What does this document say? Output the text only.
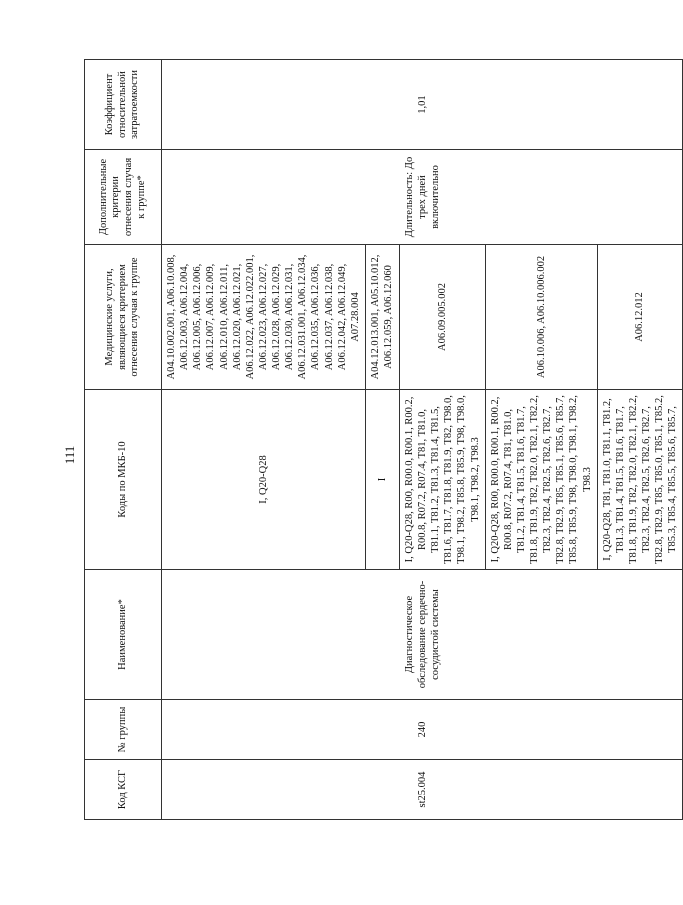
111
Код КСГ	№ группы	Наименование*	Коды по МКБ-10	Медицинские услуги, являющиеся критерием отнесения случая к группе	Дополнительные критерии отнесения случая к группе*	Коэффициент относительной затратоемкости
st25.004	240	Диагностическое обследование сердечно-сосудистой системы	I, Q20-Q28	A04.10.002.001, A06.10.008, A06.12.003, A06.12.004, A06.12.005, A06.12.006, A06.12.007, A06.12.009, A06.12.010, A06.12.011, A06.12.020, A06.12.021, A06.12.022, A06.12.022.001, A06.12.023, A06.12.027, A06.12.028, A06.12.029, A06.12.030, A06.12.031, A06.12.031.001, A06.12.034, A06.12.035, A06.12.036, A06.12.037, A06.12.038, A06.12.042, A06.12.049, A07.28.004	Длительность: До трех дней включительно	1,01
			I	A04.12.013.001, A05.10.012, A06.12.059, A06.12.060		
			I, Q20-Q28, R00, R00.0, R00.1, R00.2, R00.8, R07.2, R07.4, T81, T81.0, T81.1, T81.2, T81.3, T81.4, T81.5, T81.6, T81.7, T81.8, T81.9, T82, T98.0, T98.1, T98.2, T85.8, T85.9, T98, T98.0, T98.1, T98.2, T98.3	A06.09.005.002		
			I, Q20-Q28, R00, R00.0, R00.1, R00.2, R00.8, R07.2, R07.4, T81, T81.0, T81.2, T81.4, T81.5, T81.6, T81.7, T81.8, T81.9, T82, T82.0, T82.1, T82.2, T82.3, T82.4, T82.5, T82.6, T82.7, T82.8, T82.9, T85, T85.1, T85.6, T85.7, T85.8, T85.9, T98, T98.0, T98.1, T98.2, T98.3	A06.10.006, A06.10.006.002		
			I, Q20-Q28, T81, T81.0, T81.1, T81.2, T81.3, T81.4, T81.5, T81.6, T81.7, T81.8, T81.9, T82, T82.0, T82.1, T82.2, T82.3, T82.4, T82.5, T82.6, T82.7, T82.8, T82.9, T85, T85.0, T85.1, T85.2, T85.3, T85.4, T85.5, T85.6, T85.7,	A06.12.012		
